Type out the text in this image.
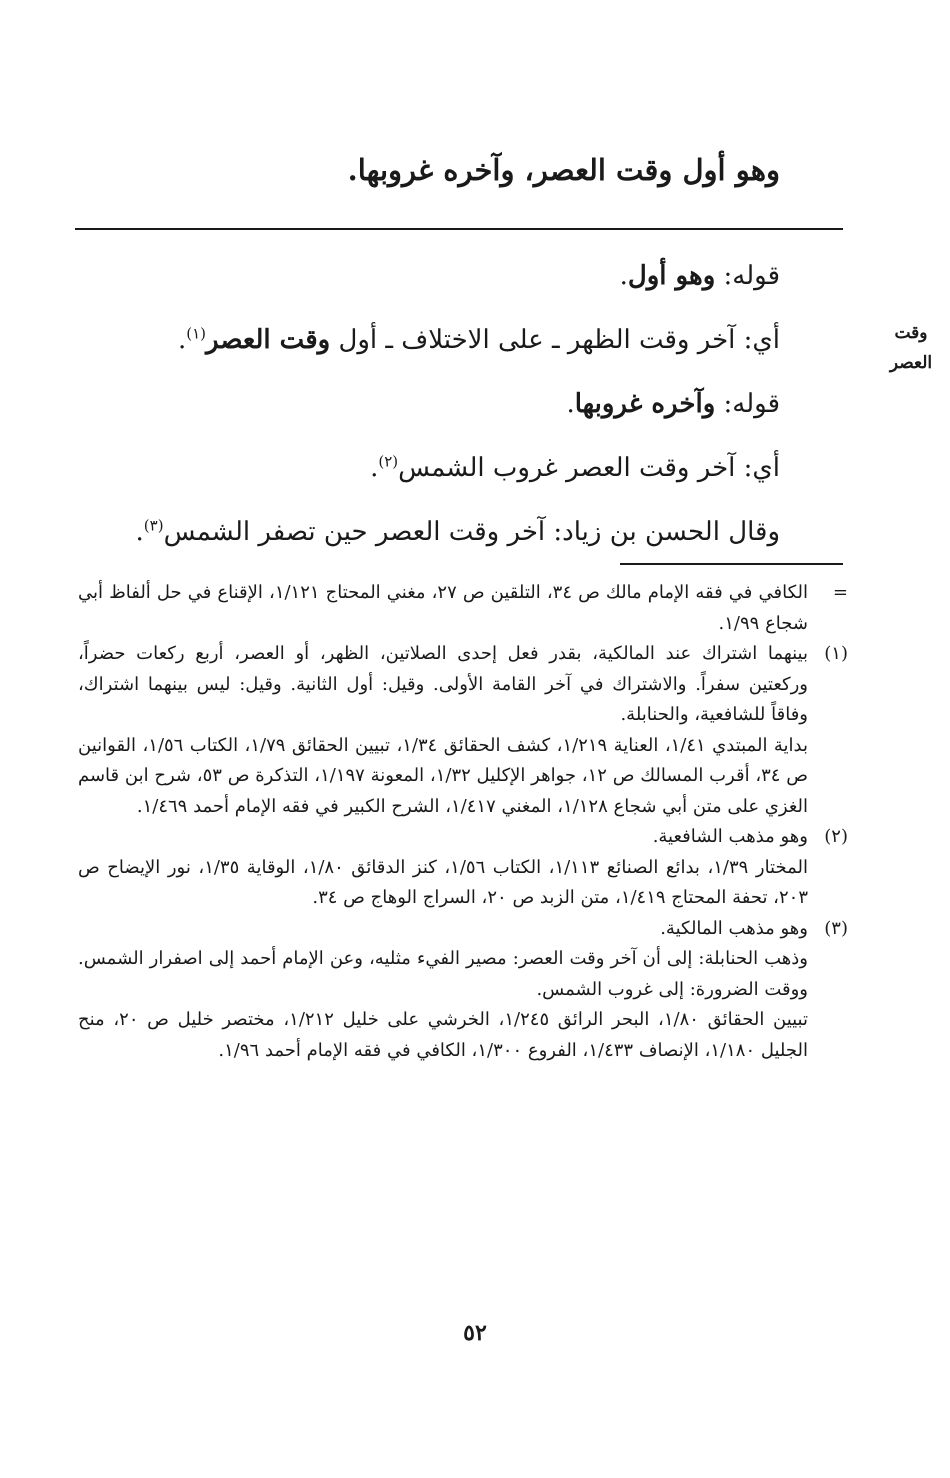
وهو أول وقت العصر، وآخره غروبها.
وقت
العصر
قوله: وهو أول.
أي: آخر وقت الظهر ـ على الاختلاف ـ أول وقت العصر$^{(١)}$.
قوله: وآخره غروبها.
أي: آخر وقت العصر غروب الشمس$^{(٢)}$.
وقال الحسن بن زياد: آخر وقت العصر حين تصفر الشمس$^{(٣)}$.
=
الكافي في فقه الإمام مالك ص ٣٤، التلقين ص ٢٧، مغني المحتاج ١/١٢١، الإقناع في حل ألفاظ أبي شجاع ١/٩٩.
(١)
بينهما اشتراك عند المالكية، بقدر فعل إحدى الصلاتين، الظهر، أو العصر، أربع ركعات حضراً، وركعتين سفراً. والاشتراك في آخر القامة الأولى. وقيل: أول الثانية. وقيل: ليس بينهما اشتراك، وفاقاً للشافعية، والحنابلة.
بداية المبتدي ١/٤١، العناية ١/٢١٩، كشف الحقائق ١/٣٤، تبيين الحقائق ١/٧٩، الكتاب ١/٥٦، القوانين ص ٣٤، أقرب المسالك ص ١٢، جواهر الإكليل ١/٣٢، المعونة ١/١٩٧، التذكرة ص ٥٣، شرح ابن قاسم الغزي على متن أبي شجاع ١/١٢٨، المغني ١/٤١٧، الشرح الكبير في فقه الإمام أحمد ١/٤٦٩.
(٢)
وهو مذهب الشافعية.
المختار ١/٣٩، بدائع الصنائع ١/١١٣، الكتاب ١/٥٦، كنز الدقائق ١/٨٠، الوقاية ١/٣٥، نور الإيضاح ص ٢٠٣، تحفة المحتاج ١/٤١٩، متن الزبد ص ٢٠، السراج الوهاج ص ٣٤.
(٣)
وهو مذهب المالكية.
وذهب الحنابلة: إلى أن آخر وقت العصر: مصير الفيء مثليه، وعن الإمام أحمد إلى اصفرار الشمس. ووقت الضرورة: إلى غروب الشمس.
تبيين الحقائق ١/٨٠، البحر الرائق ١/٢٤٥، الخرشي على خليل ١/٢١٢، مختصر خليل ص ٢٠، منح الجليل ١/١٨٠، الإنصاف ١/٤٣٣، الفروع ١/٣٠٠، الكافي في فقه الإمام أحمد ١/٩٦.
٥٢
